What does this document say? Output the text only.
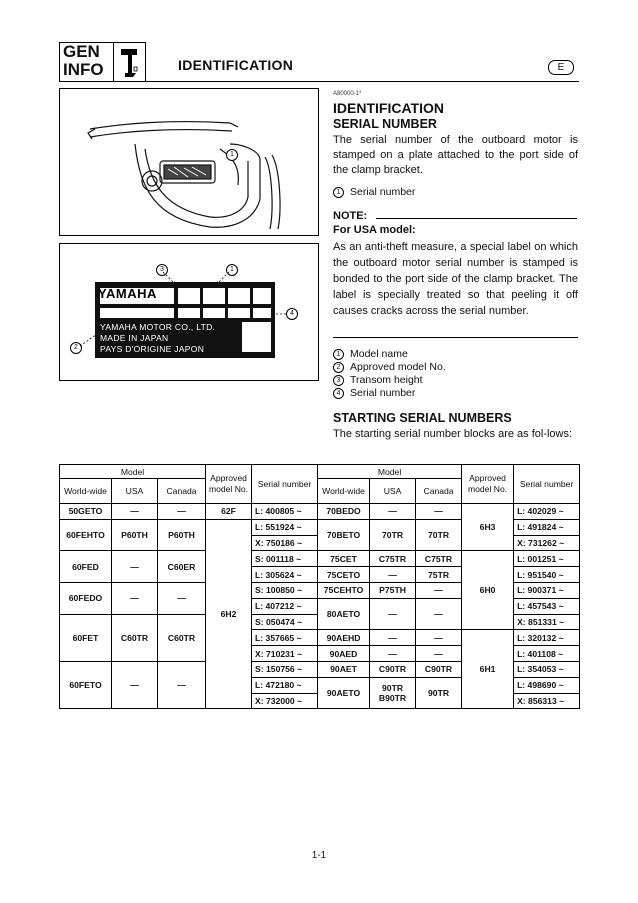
GEN
INFO	IDENTIFICATION	E
1
YAMAHA
YAMAHA MOTOR CO., LTD.
MADE IN JAPAN
PAYS D'ORIGINE JAPON
3	1
2
4
A80000-1*
IDENTIFICATION
SERIAL NUMBER
The serial number of the outboard motor is stamped on a plate attached to the port side of the clamp bracket.
1 Serial number
NOTE:
For USA model:
As an anti-theft measure, a special label on which the outboard motor serial number is stamped is bonded to the port side of the clamp bracket. The label is specially treated so that peeling it off causes cracks across the serial number.
1 Model name
2 Approved model No.
3 Transom height
4 Serial number
STARTING SERIAL NUMBERS
The starting serial number blocks are as fol-lows:
Model			Approved model No.	Serial number	Model			Approved model No.	Serial number
World-wide	USA	Canada			World-wide	USA	Canada		
50GETO	—	—	62F	L: 400805 ~	70BEDO	—	—	6H3	L: 402029 ~
60FEHTO	P60TH	P60TH	6H2	L: 551924 ~	70BETO	70TR	70TR		L: 491824 ~
				X: 750186 ~					X: 731262 ~
60FED	—	C60ER		S: 001118 ~	75CET	C75TR	C75TR	6H0	L: 001251 ~
				L: 305624 ~	75CETO	—	75TR		L: 951540 ~
60FEDO	—	—		S: 100850 ~	75CEHTO	P75TH	—		L: 900371 ~
				L: 407212 ~	80AETO	—	—		L: 457543 ~
60FET	C60TR	C60TR		S: 050474 ~					X: 851331 ~
				L: 357665 ~	90AEHD	—	—	6H1	L: 320132 ~
				X: 710231 ~	90AED	—	—		L: 401108 ~
60FETO	—	—		S: 150756 ~	90AET	C90TR	C90TR		L: 354053 ~
				L: 472180 ~	90AETO	90TR B90TR	90TR		L: 498690 ~
				X: 732000 ~					X: 856313 ~
1-1
